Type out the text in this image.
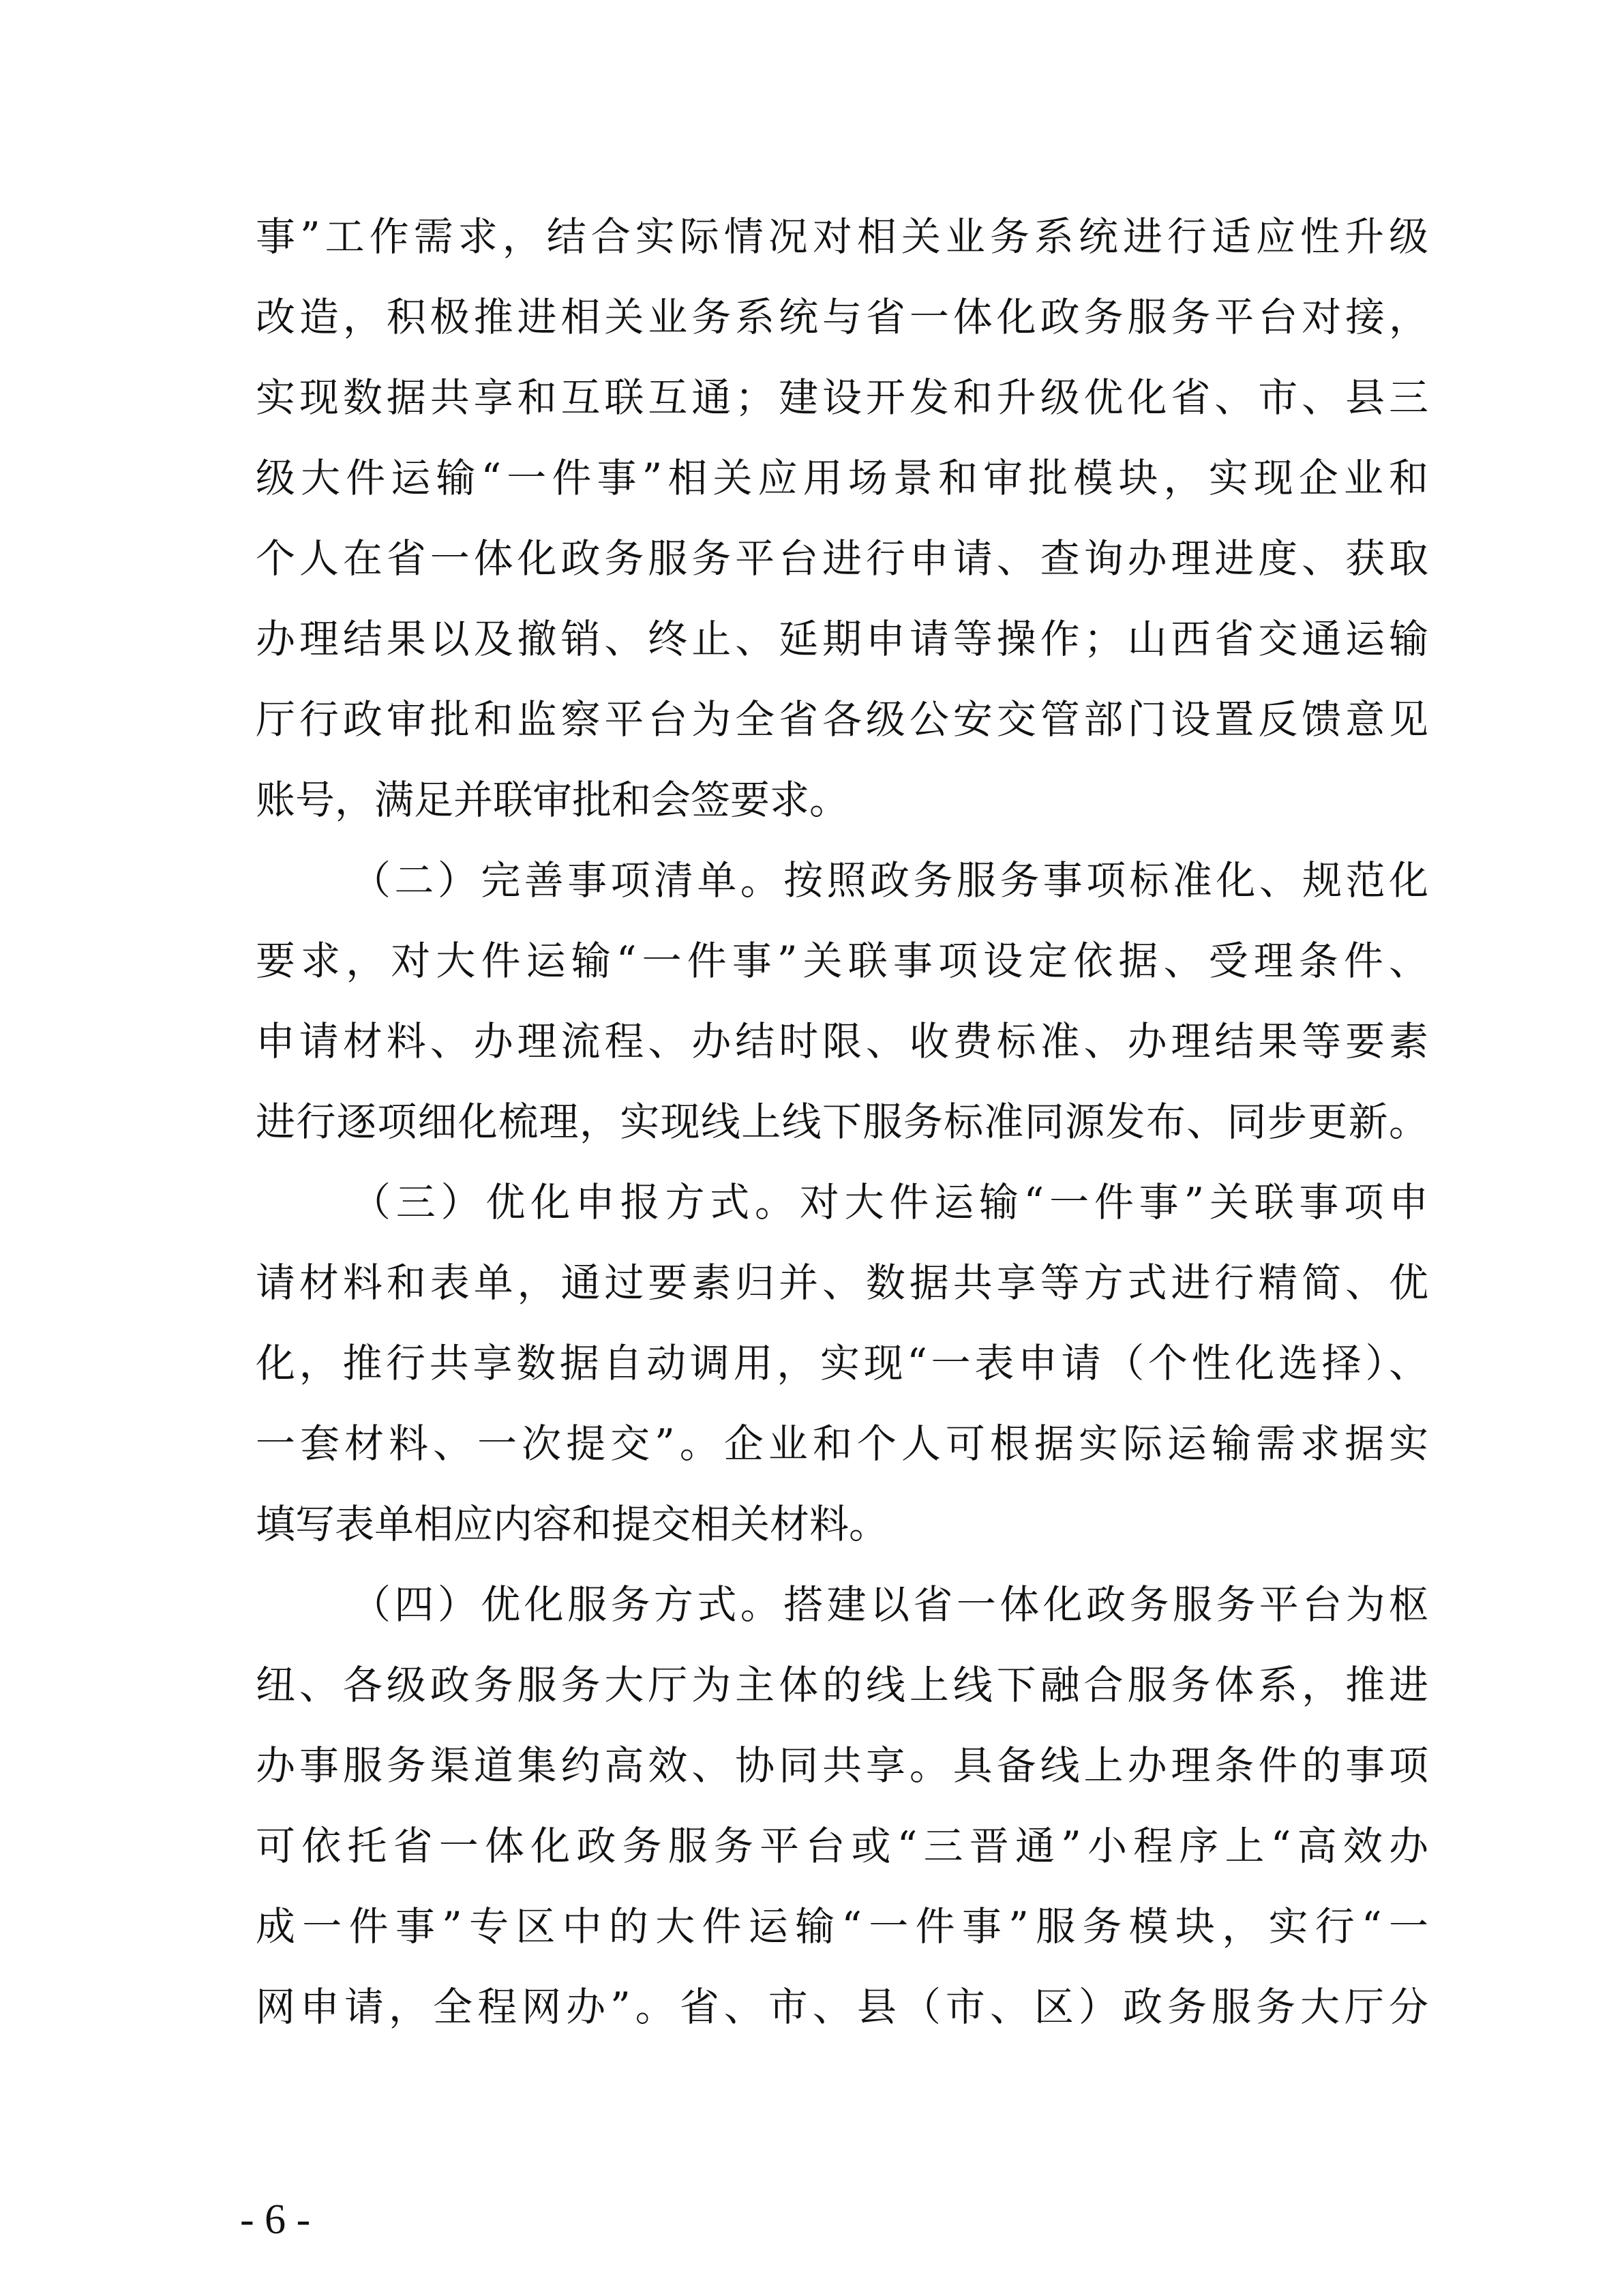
事”工作需求，结合实际情况对相关业务系统进行适应性升级
改造，积极推进相关业务系统与省一体化政务服务平台对接，
实现数据共享和互联互通；建设开发和升级优化省、市、县三
级大件运输“一件事”相关应用场景和审批模块，实现企业和
个人在省一体化政务服务平台进行申请、查询办理进度、获取
办理结果以及撤销、终止、延期申请等操作；山西省交通运输
厅行政审批和监察平台为全省各级公安交管部门设置反馈意见
账号，满足并联审批和会签要求。
（二）完善事项清单。按照政务服务事项标准化、规范化
要求，对大件运输“一件事”关联事项设定依据、受理条件、
申请材料、办理流程、办结时限、收费标准、办理结果等要素
进行逐项细化梳理，实现线上线下服务标准同源发布、同步更新。
（三）优化申报方式。对大件运输“一件事”关联事项申
请材料和表单，通过要素归并、数据共享等方式进行精简、优
化，推行共享数据自动调用，实现“一表申请（个性化选择）、
一套材料、一次提交”。企业和个人可根据实际运输需求据实
填写表单相应内容和提交相关材料。
（四）优化服务方式。搭建以省一体化政务服务平台为枢
纽、各级政务服务大厅为主体的线上线下融合服务体系，推进
办事服务渠道集约高效、协同共享。具备线上办理条件的事项
可依托省一体化政务服务平台或“三晋通”小程序上“高效办
成一件事”专区中的大件运输“一件事”服务模块，实行“一
网申请，全程网办”。省、市、县（市、区）政务服务大厅分
- 6 -
